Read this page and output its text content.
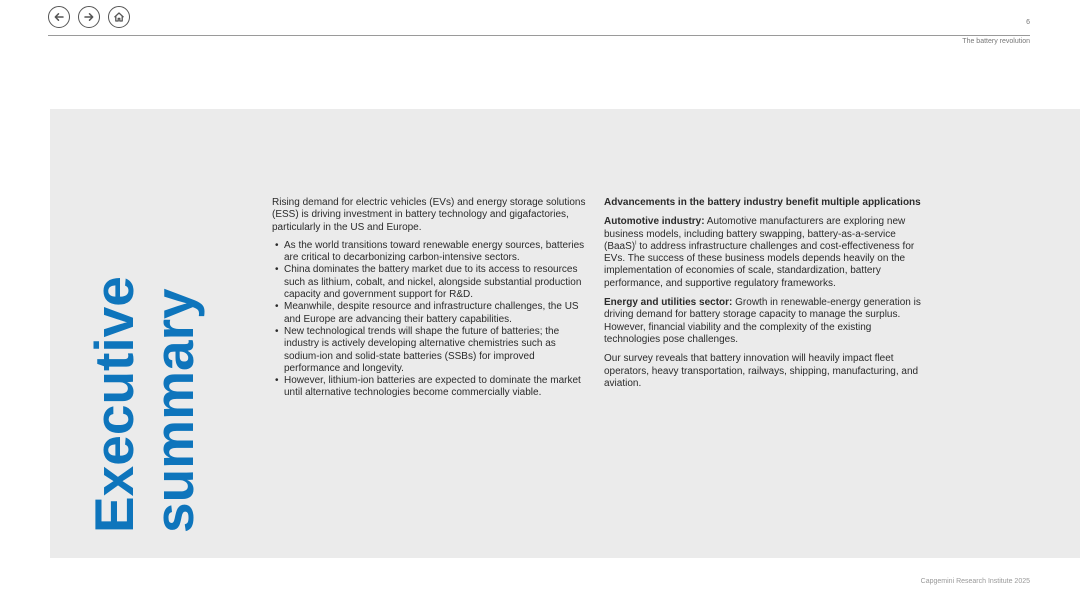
6
The battery revolution
Executive
summary

Rising demand for electric vehicles (EVs) and energy storage solutions (ESS) is driving investment in battery technology and gigafactories, particularly in the US and Europe.

• As the world transitions toward renewable energy sources, batteries are critical to decarbonizing carbon-intensive sectors.
• China dominates the battery market due to its access to resources such as lithium, cobalt, and nickel, alongside substantial production capacity and government support for R&D.
• Meanwhile, despite resource and infrastructure challenges, the US and Europe are advancing their battery capabilities.
• New technological trends will shape the future of batteries; the industry is actively developing alternative chemistries such as sodium-ion and solid-state batteries (SSBs) for improved performance and longevity.
• However, lithium-ion batteries are expected to dominate the market until alternative technologies become commercially viable.

Advancements in the battery industry benefit multiple applications

Automotive industry: Automotive manufacturers are exploring new business models, including battery swapping, battery-as-a-service (BaaS)$^i$ to address infrastructure challenges and cost-effectiveness for EVs. The success of these business models depends heavily on the implementation of economies of scale, standardization, battery performance, and supportive regulatory frameworks.

Energy and utilities sector: Growth in renewable-energy generation is driving demand for battery storage capacity to manage the surplus. However, financial viability and the complexity of the existing technologies pose challenges.

Our survey reveals that battery innovation will heavily impact fleet operators, heavy transportation, railways, shipping, manufacturing, and aviation.

Capgemini Research Institute 2025
